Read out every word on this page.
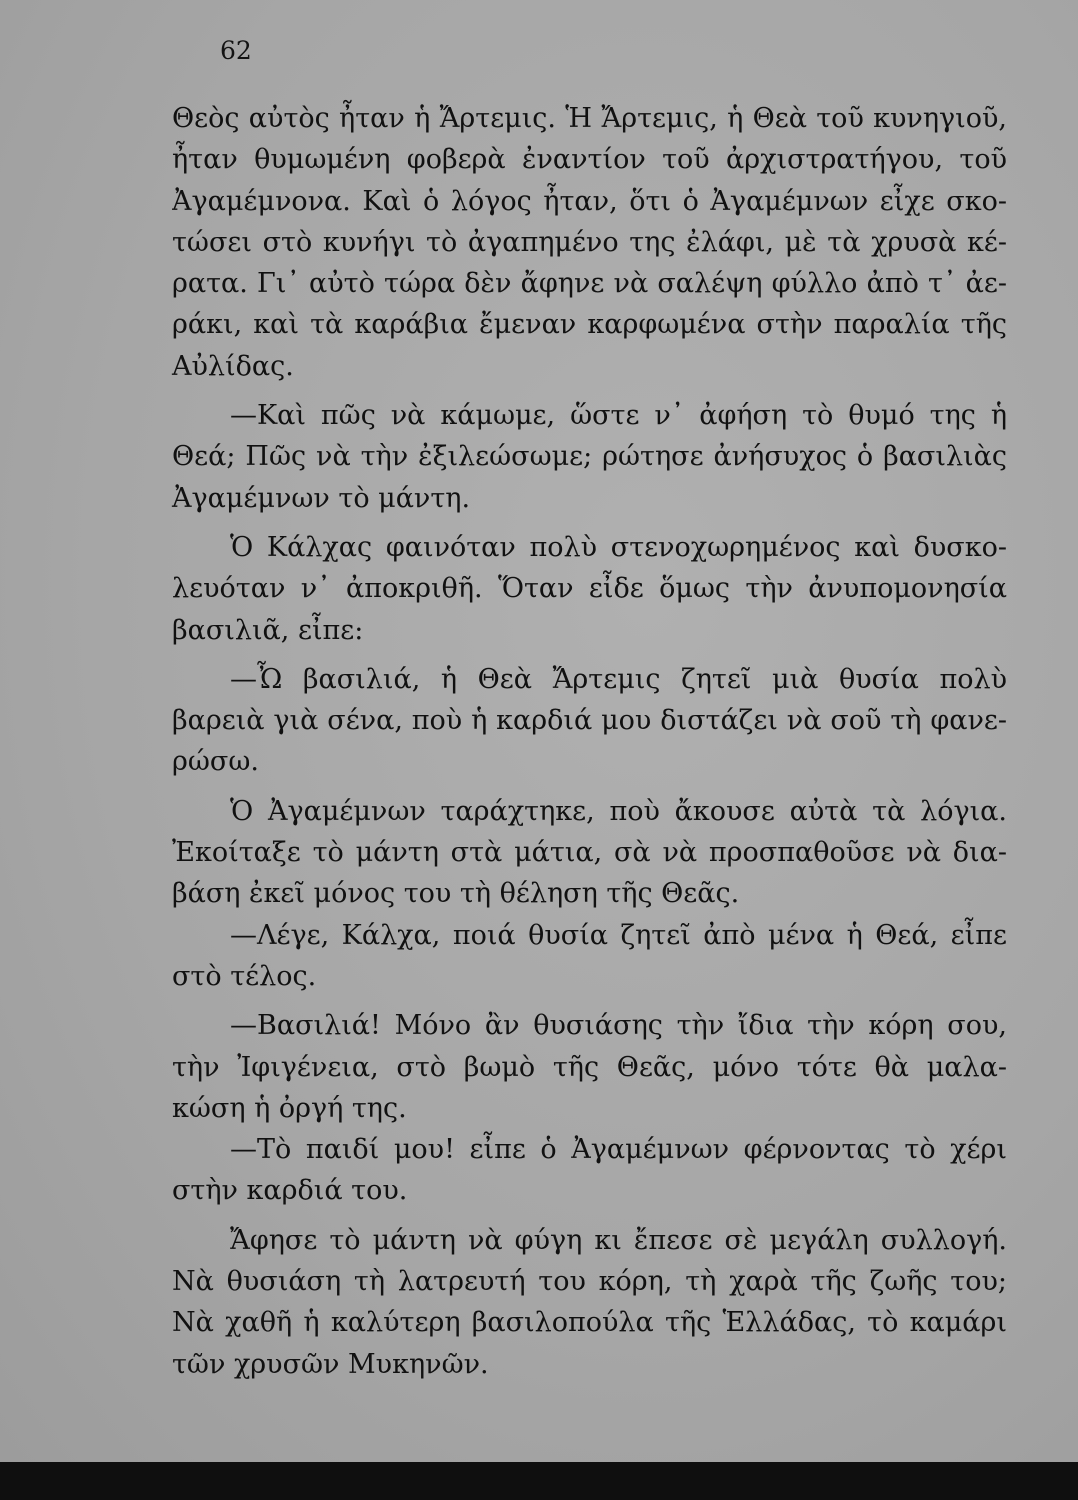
62
Θεὸς αὐτὸς ἦταν ἡ Ἄρτεμις. Ἡ Ἄρτεμις, ἡ Θεὰ τοῦ κυνηγιοῦ,
ἦταν θυμωμένη φοβερὰ ἐναντίον τοῦ ἀρχιστρατήγου, τοῦ
Ἀγαμέμνονα. Καὶ ὁ λόγος ἦταν, ὅτι ὁ Ἀγαμέμνων εἶχε σκο-
τώσει στὸ κυνήγι τὸ ἀγαπημένο της ἐλάφι, μὲ τὰ χρυσὰ κέ-
ρατα. Γι᾽ αὐτὸ τώρα δὲν ἄφηνε νὰ σαλέψη φύλλο ἀπὸ τ᾽ ἀε-
ράκι, καὶ τὰ καράβια ἔμεναν καρφωμένα στὴν παραλία τῆς
Αὐλίδας.
—Καὶ πῶς νὰ κάμωμε, ὥστε ν᾽ ἀφήση τὸ θυμό της ἡ
Θεά; Πῶς νὰ τὴν ἐξιλεώσωμε; ρώτησε ἀνήσυχος ὁ βασιλιὰς
Ἀγαμέμνων τὸ μάντη.
Ὁ Κάλχας φαινόταν πολὺ στενοχωρημένος καὶ δυσκο-
λευόταν ν᾽ ἀποκριθῆ. Ὅταν εἶδε ὅμως τὴν ἀνυπομονησία
βασιλιᾶ, εἶπε:
—Ὦ βασιλιά, ἡ Θεὰ Ἄρτεμις ζητεῖ μιὰ θυσία πολὺ
βαρειὰ γιὰ σένα, ποὺ ἡ καρδιά μου διστάζει νὰ σοῦ τὴ φανε-
ρώσω.
Ὁ Ἀγαμέμνων ταράχτηκε, ποὺ ἄκουσε αὐτὰ τὰ λόγια.
Ἐκοίταξε τὸ μάντη στὰ μάτια, σὰ νὰ προσπαθοῦσε νὰ δια-
βάση ἐκεῖ μόνος του τὴ θέληση τῆς Θεᾶς.
—Λέγε, Κάλχα, ποιά θυσία ζητεῖ ἀπὸ μένα ἡ Θεά, εἶπε
στὸ τέλος.
—Βασιλιά! Μόνο ἂν θυσιάσης τὴν ἴδια τὴν κόρη σου,
τὴν Ἰφιγένεια, στὸ βωμὸ τῆς Θεᾶς, μόνο τότε θὰ μαλα-
κώση ἡ ὀργή της.
—Τὸ παιδί μου! εἶπε ὁ Ἀγαμέμνων φέρνοντας τὸ χέρι
στὴν καρδιά του.
Ἄφησε τὸ μάντη νὰ φύγη κι ἔπεσε σὲ μεγάλη συλλογή.
Νὰ θυσιάση τὴ λατρευτή του κόρη, τὴ χαρὰ τῆς ζωῆς του;
Νὰ χαθῆ ἡ καλύτερη βασιλοπούλα τῆς Ἑλλάδας, τὸ καμάρι
τῶν χρυσῶν Μυκηνῶν.
